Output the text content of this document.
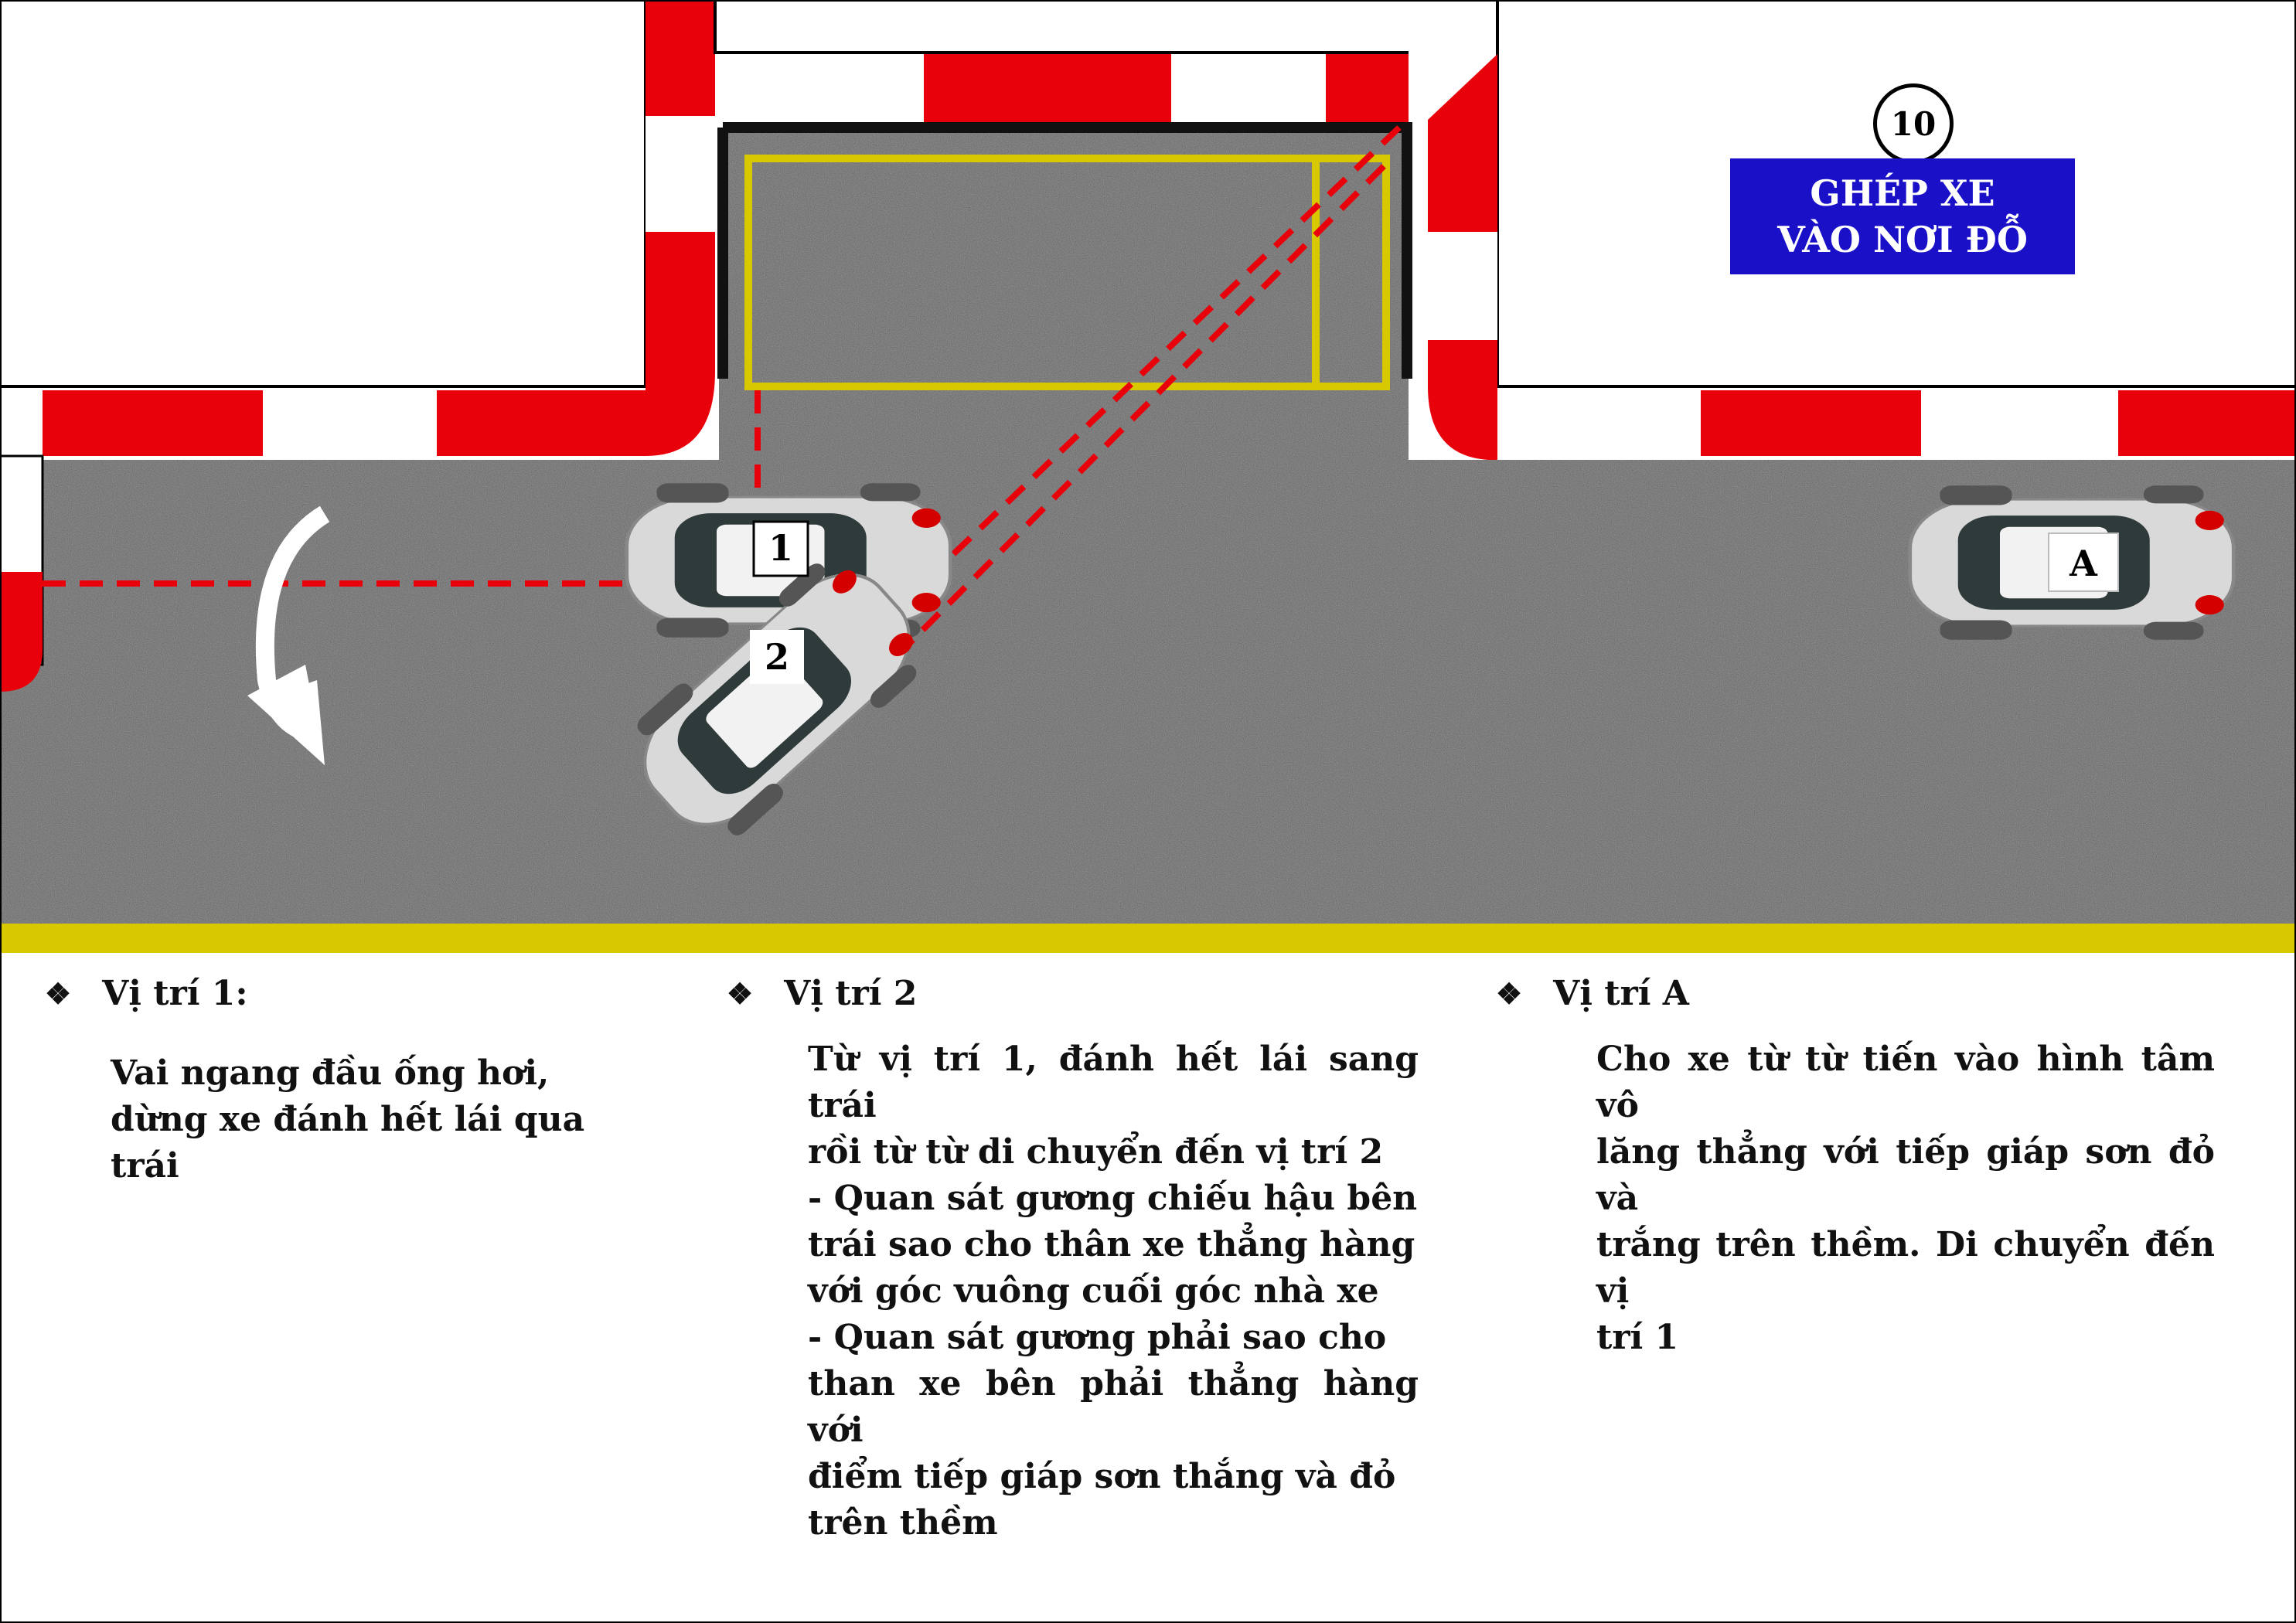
1
2
A
10
GHÉP XE
VÀO NƠI ĐỖ
❖ Vị trí 1:
Vai ngang đầu ống hơi,
dừng xe đánh hết lái qua
trái
❖ Vị trí 2
Từ vị trí 1, đánh hết lái sang trái
rồi từ từ di chuyển đến vị trí 2
- Quan sát gương chiếu hậu bên
trái sao cho thân xe thẳng hàng
với góc vuông cuối góc nhà xe
- Quan sát gương phải sao cho
than xe bên phải thẳng hàng với
điểm tiếp giáp sơn thắng và đỏ
trên thềm
❖ Vị trí A
Cho xe từ từ tiến vào hình tâm vô
lăng thẳng với tiếp giáp sơn đỏ và
trắng trên thềm. Di chuyển đến vị
trí 1
